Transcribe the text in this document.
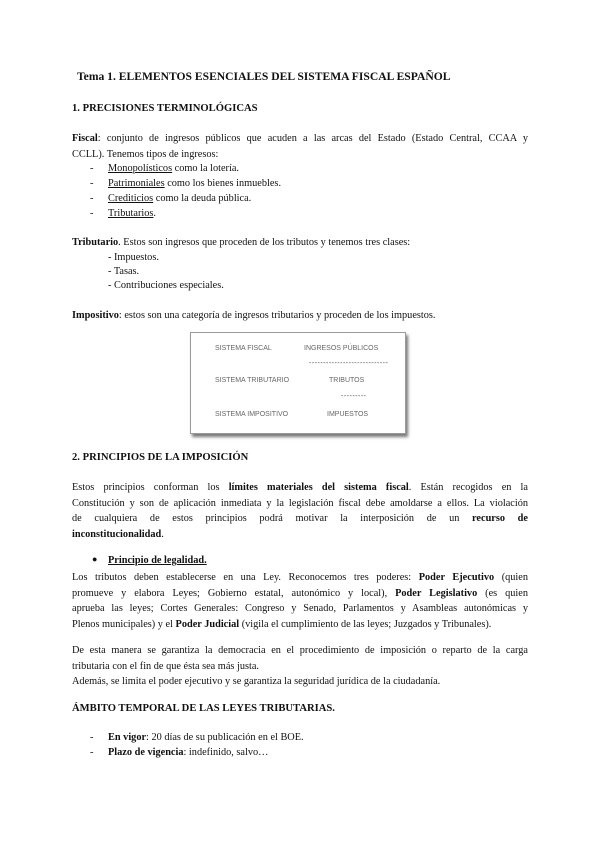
Tema 1. ELEMENTOS ESENCIALES DEL SISTEMA FISCAL ESPAÑOL
1. PRECISIONES TERMINOLÓGICAS
Fiscal: conjunto de ingresos públicos que acuden a las arcas del Estado (Estado Central, CCAA y
CCLL). Tenemos tipos de ingresos:
- Monopolísticos como la lotería.
- Patrimoniales como los bienes inmuebles.
- Crediticios como la deuda pública.
- Tributarios.
Tributario. Estos son ingresos que proceden de los tributos y tenemos tres clases:
- Impuestos.
- Tasas.
- Contribuciones especiales.
Impositivo: estos son una categoría de ingresos tributarios y proceden de los impuestos.
SISTEMA FISCAL	INGRESOS PÚBLICOS
----------------------------
SISTEMA TRIBUTARIO	TRIBUTOS
---------
SISTEMA IMPOSITIVO	IMPUESTOS
2. PRINCIPIOS DE LA IMPOSICIÓN
Estos principios conforman los límites materiales del sistema fiscal. Están recogidos en la
Constitución y son de aplicación inmediata y la legislación fiscal debe amoldarse a ellos. La violación
de cualquiera de estos principios podrá motivar la interposición de un recurso de
inconstitucionalidad.
● Principio de legalidad.
Los tributos deben establecerse en una Ley. Reconocemos tres poderes: Poder Ejecutivo (quien
promueve y elabora Leyes; Gobierno estatal, autonómico y local), Poder Legislativo (es quien
aprueba las leyes; Cortes Generales: Congreso y Senado, Parlamentos y Asambleas autonómicas y
Plenos municipales) y el Poder Judicial (vigila el cumplimiento de las leyes; Juzgados y Tribunales).
De esta manera se garantiza la democracia en el procedimiento de imposición o reparto de la carga
tributaria con el fin de que ésta sea más justa.
Además, se limita el poder ejecutivo y se garantiza la seguridad jurídica de la ciudadanía.
ÁMBITO TEMPORAL DE LAS LEYES TRIBUTARIAS.
- En vigor: 20 días de su publicación en el BOE.
- Plazo de vigencia: indefinido, salvo…
